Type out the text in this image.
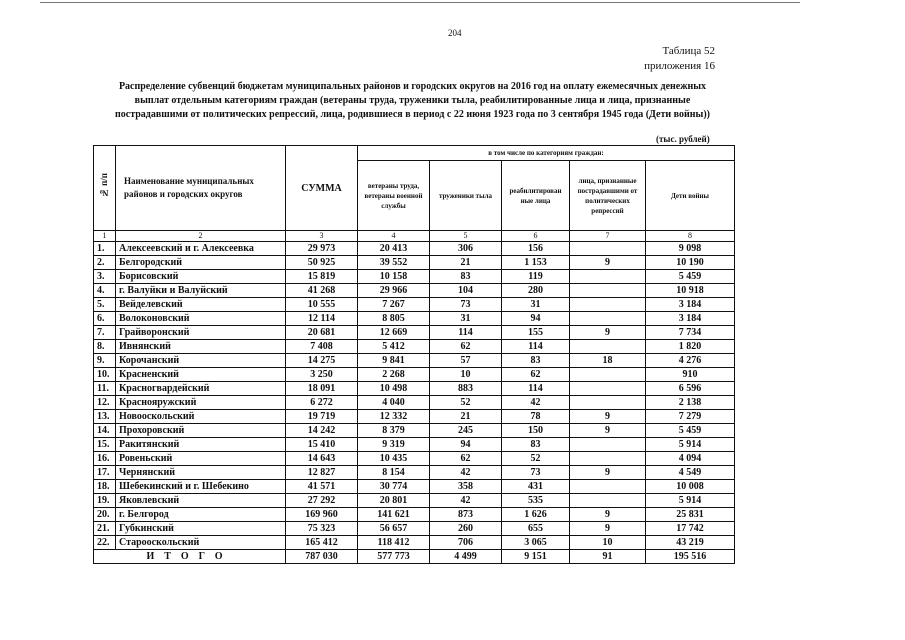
204
Таблица 52
приложения 16
Распределение субвенций бюджетам муниципальных районов и городских округов на 2016 год на оплату ежемесячных денежных выплат отдельным категориям граждан (ветераны труда, труженики тыла, реабилитированные лица и лица, признанные пострадавшими от политических репрессий, лица, родившиеся в период с 22 июня 1923 года по 3 сентября 1945 года (Дети войны))
(тыс. рублей)
№ п/п	Наименование муниципальных районов и городских округов	СУММА	в том числе по категориям граждан:				
			ветераны труда, ветераны военной службы	труженики тыла	реабилитирован ные лица	лица, признанные пострадавшими от политических репрессий	Дети войны
1	2	3	4	5	6	7	8
1.	Алексеевский и г. Алексеевка	29 973	20 413	306	156		9 098
2.	Белгородский	50 925	39 552	21	1 153	9	10 190
3.	Борисовский	15 819	10 158	83	119		5 459
4.	г. Валуйки и Валуйский	41 268	29 966	104	280		10 918
5.	Вейделевский	10 555	7 267	73	31		3 184
6.	Волоконовский	12 114	8 805	31	94		3 184
7.	Грайворонский	20 681	12 669	114	155	9	7 734
8.	Ивнянский	7 408	5 412	62	114		1 820
9.	Корочанский	14 275	9 841	57	83	18	4 276
10.	Красненский	3 250	2 268	10	62		910
11.	Красногвардейский	18 091	10 498	883	114		6 596
12.	Краснояружский	6 272	4 040	52	42		2 138
13.	Новооскольский	19 719	12 332	21	78	9	7 279
14.	Прохоровский	14 242	8 379	245	150	9	5 459
15.	Ракитянский	15 410	9 319	94	83		5 914
16.	Ровеньский	14 643	10 435	62	52		4 094
17.	Чернянский	12 827	8 154	42	73	9	4 549
18.	Шебекинский и г. Шебекино	41 571	30 774	358	431		10 008
19.	Яковлевский	27 292	20 801	42	535		5 914
20.	г. Белгород	169 960	141 621	873	1 626	9	25 831
21.	Губкинский	75 323	56 657	260	655	9	17 742
22.	Старооскольский	165 412	118 412	706	3 065	10	43 219
ИТОГО		787 030	577 773	4 499	9 151	91	195 516
